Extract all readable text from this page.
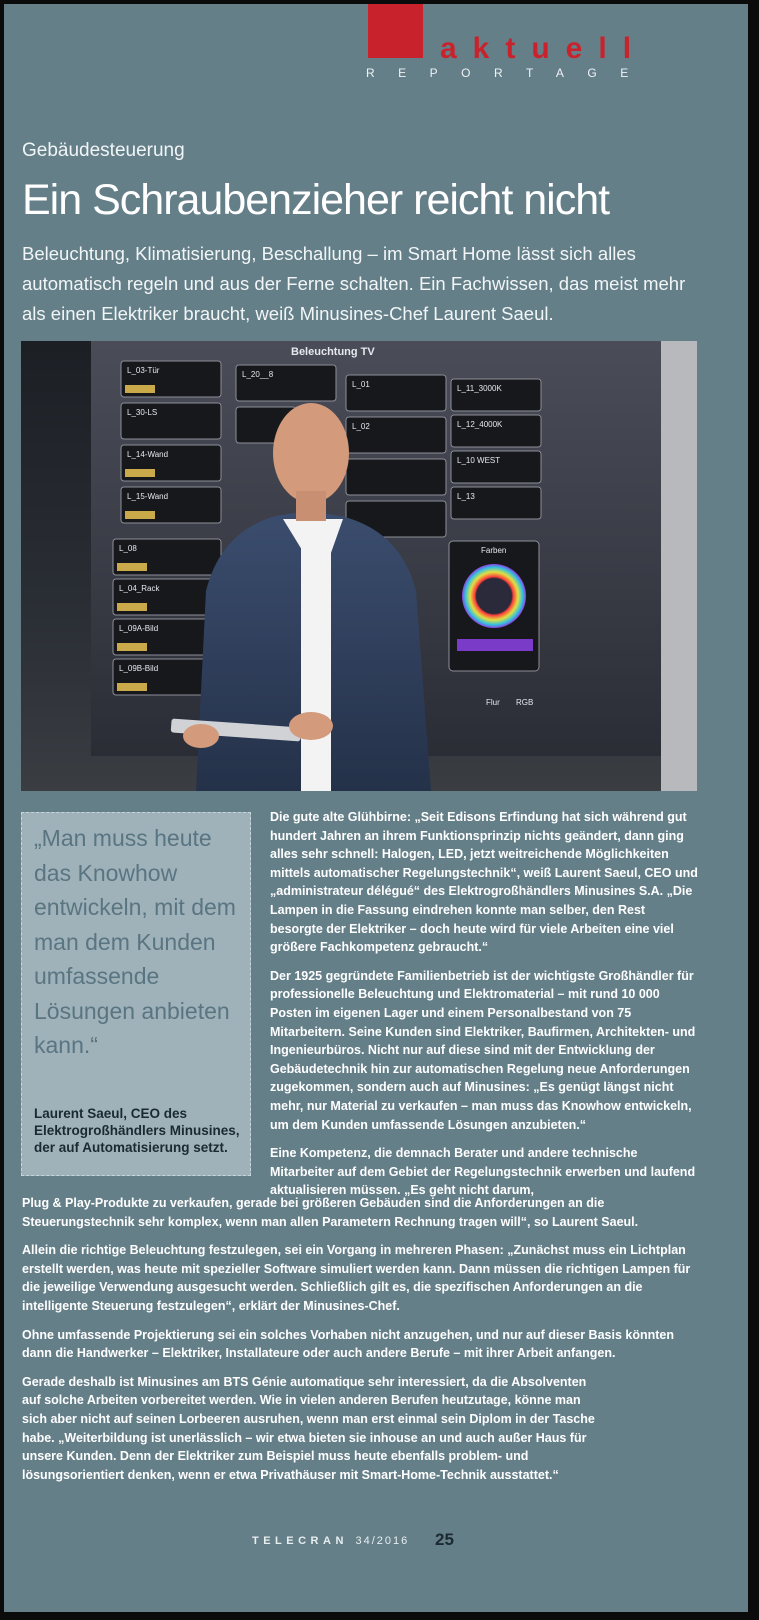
aktuell
REPORTAGE
Gebäudesteuerung
Ein Schraubenzieher reicht nicht
Beleuchtung, Klimatisierung, Beschallung – im Smart Home lässt sich alles automatisch regeln und aus der Ferne schalten. Ein Fachwissen, das meist mehr als einen Elektriker braucht, weiß Minusines-Chef Laurent Saeul.
L_03-Tür
L_30-LS
L_14-Wand
L_15-Wand
L_20__8
L_01
L_02
L_11_3000K
L_12_4000K
L_10 WEST
L_13
L_08
L_04_Rack
L_09A-Bild
L_09B-Bild
Farben
Beleuchtung TV
Flur RGB
„Man muss heute das Knowhow entwickeln, mit dem man dem Kunden umfassende Lösungen anbieten kann.“
Laurent Saeul, CEO des Elektrogroßhändlers Minusines, der auf Automatisierung setzt.

Die gute alte Glühbirne: „Seit Edisons Erfindung hat sich während gut hundert Jahren an ihrem Funktionsprinzip nichts geändert, dann ging alles sehr schnell: Halogen, LED, jetzt weitreichende Möglichkeiten mittels automatischer Regelungstechnik“, weiß Laurent Saeul, CEO und „administrateur délégué“ des Elektrogroßhändlers Minusines S.A. „Die Lampen in die Fassung eindrehen konnte man selber, den Rest besorgte der Elektriker – doch heute wird für viele Arbeiten eine viel größere Fachkompetenz gebraucht.“

Der 1925 gegründete Familienbetrieb ist der wichtigste Großhändler für professionelle Beleuchtung und Elektromaterial – mit rund 10 000 Posten im eigenen Lager und einem Personalbestand von 75 Mitarbeitern. Seine Kunden sind Elektriker, Baufirmen, Architekten- und Ingenieurbüros. Nicht nur auf diese sind mit der Entwicklung der Gebäudetechnik hin zur automatischen Regelung neue Anforderungen zugekommen, sondern auch auf Minusines: „Es genügt längst nicht mehr, nur Material zu verkaufen – man muss das Knowhow entwickeln, um dem Kunden umfassende Lösungen anzubieten.“

Eine Kompetenz, die demnach Berater und andere technische Mitarbeiter auf dem Gebiet der Regelungstechnik erwerben und laufend aktualisieren müssen. „Es geht nicht darum,

Plug & Play-Produkte zu verkaufen, gerade bei größeren Gebäuden sind die Anforderungen an die Steuerungstechnik sehr komplex, wenn man allen Parametern Rechnung tragen will“, so Laurent Saeul.

Allein die richtige Beleuchtung festzulegen, sei ein Vorgang in mehreren Phasen: „Zunächst muss ein Lichtplan erstellt werden, was heute mit spezieller Software simuliert werden kann. Dann müssen die richtigen Lampen für die jeweilige Verwendung ausgesucht werden. Schließlich gilt es, die spezifischen Anforderungen an die intelligente Steuerung festzulegen“, erklärt der Minusines-Chef.

Ohne umfassende Projektierung sei ein solches Vorhaben nicht anzugehen, und nur auf dieser Basis könnten dann die Handwerker – Elektriker, Installateure oder auch andere Berufe – mit ihrer Arbeit anfangen.

Gerade deshalb ist Minusines am BTS Génie automatique sehr interessiert, da die Absolventen auf solche Arbeiten vorbereitet werden. Wie in vielen anderen Berufen heutzutage, könne man sich aber nicht auf seinen Lorbeeren ausruhen, wenn man erst einmal sein Diplom in der Tasche habe. „Weiterbildung ist unerlässlich – wir etwa bieten sie inhouse an und auch außer Haus für unsere Kunden. Denn der Elektriker zum Beispiel muss heute ebenfalls problem- und lösungsorientiert denken, wenn er etwa Privathäuser mit Smart-Home-Technik ausstattet.“

TELECRAN 34/2016 25
